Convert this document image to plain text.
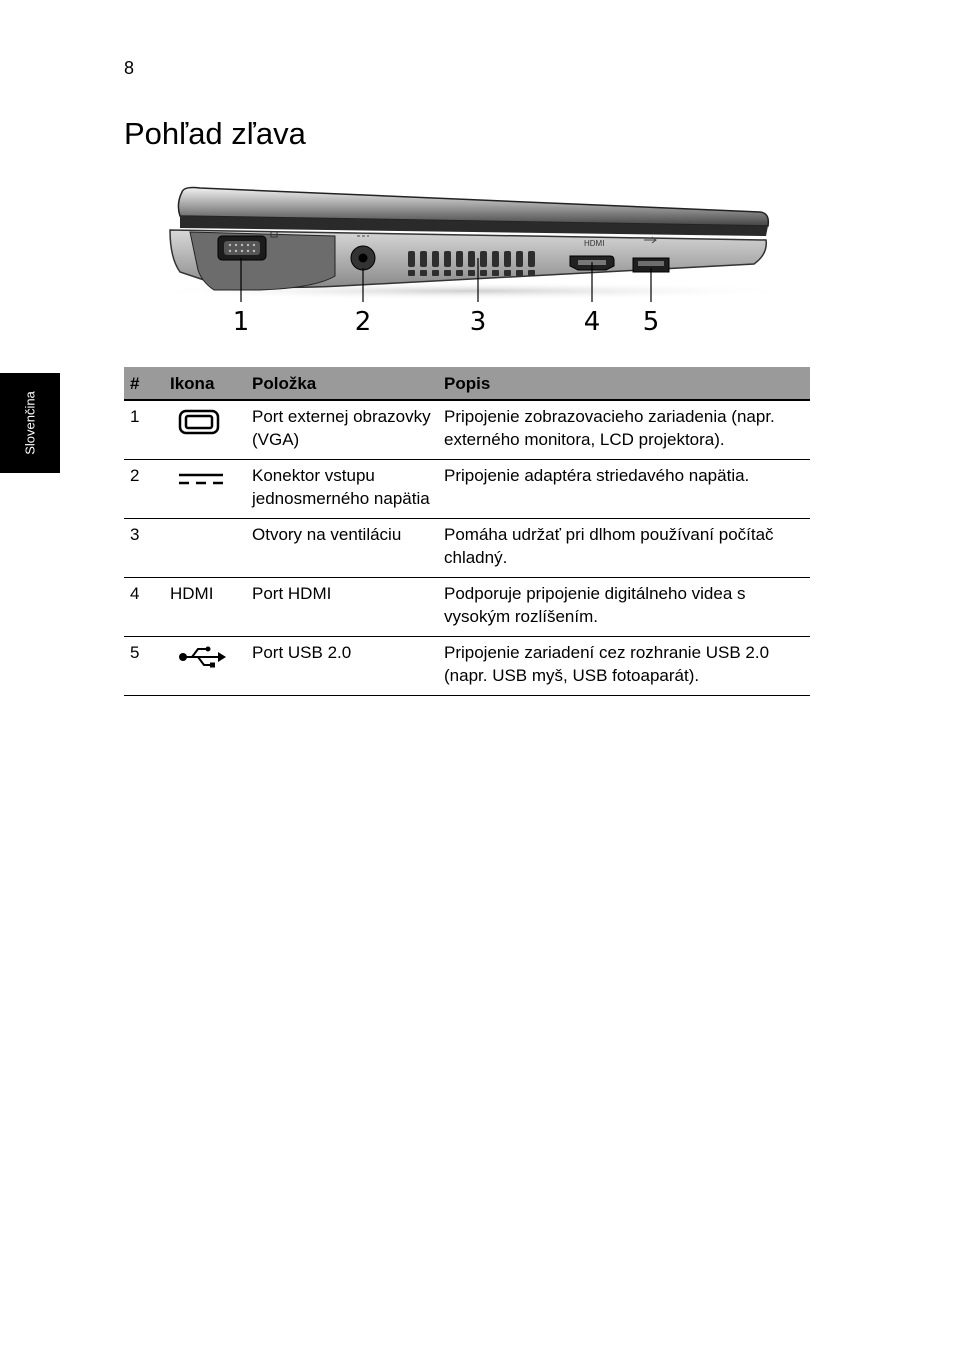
8
Pohľad zľava
Slovenčina
HDMI
1	2	3	4 5
#	Ikona	Položka	Popis
1		Port externej obrazovky (VGA)	Pripojenie zobrazovacieho zariadenia (napr. externého monitora, LCD projektora).
2		Konektor vstupu jednosmerného napätia	Pripojenie adaptéra striedavého napätia.
3		Otvory na ventiláciu	Pomáha udržať pri dlhom používaní počítač chladný.
4	HDMI	Port HDMI	Podporuje pripojenie digitálneho videa s vysokým rozlíšením.
5		Port USB 2.0	Pripojenie zariadení cez rozhranie USB 2.0 (napr. USB myš, USB fotoaparát).
